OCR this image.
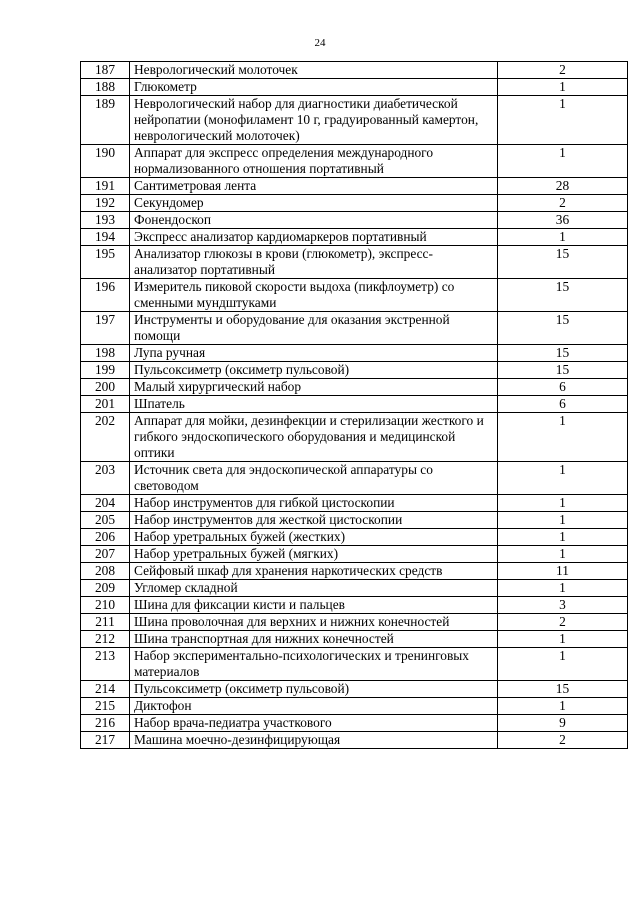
24
187	Неврологический молоточек	2
188	Глюкометр	1
189	Неврологический набор для диагностики диабетической нейропатии (монофиламент 10 г, градуированный камертон, неврологический молоточек)	1
190	Аппарат для экспресс определения международного нормализованного отношения портативный	1
191	Сантиметровая лента	28
192	Секундомер	2
193	Фонендоскоп	36
194	Экспресс анализатор кардиомаркеров портативный	1
195	Анализатор глюкозы в крови (глюкометр), экспресс-анализатор портативный	15
196	Измеритель пиковой скорости выдоха (пикфлоуметр) со сменными мундштуками	15
197	Инструменты и оборудование для оказания экстренной помощи	15
198	Лупа ручная	15
199	Пульсоксиметр (оксиметр пульсовой)	15
200	Малый хирургический набор	6
201	Шпатель	6
202	Аппарат для мойки, дезинфекции и стерилизации жесткого и гибкого эндоскопического оборудования и медицинской оптики	1
203	Источник света для эндоскопической аппаратуры со световодом	1
204	Набор инструментов для гибкой цистоскопии	1
205	Набор инструментов для жесткой цистоскопии	1
206	Набор уретральных бужей (жестких)	1
207	Набор уретральных бужей (мягких)	1
208	Сейфовый шкаф для хранения наркотических средств	11
209	Угломер складной	1
210	Шина для фиксации кисти и пальцев	3
211	Шина проволочная для верхних и нижних конечностей	2
212	Шина транспортная для нижних конечностей	1
213	Набор экспериментально-психологических и тренинговых материалов	1
214	Пульсоксиметр (оксиметр пульсовой)	15
215	Диктофон	1
216	Набор врача-педиатра участкового	9
217	Машина моечно-дезинфицирующая	2
